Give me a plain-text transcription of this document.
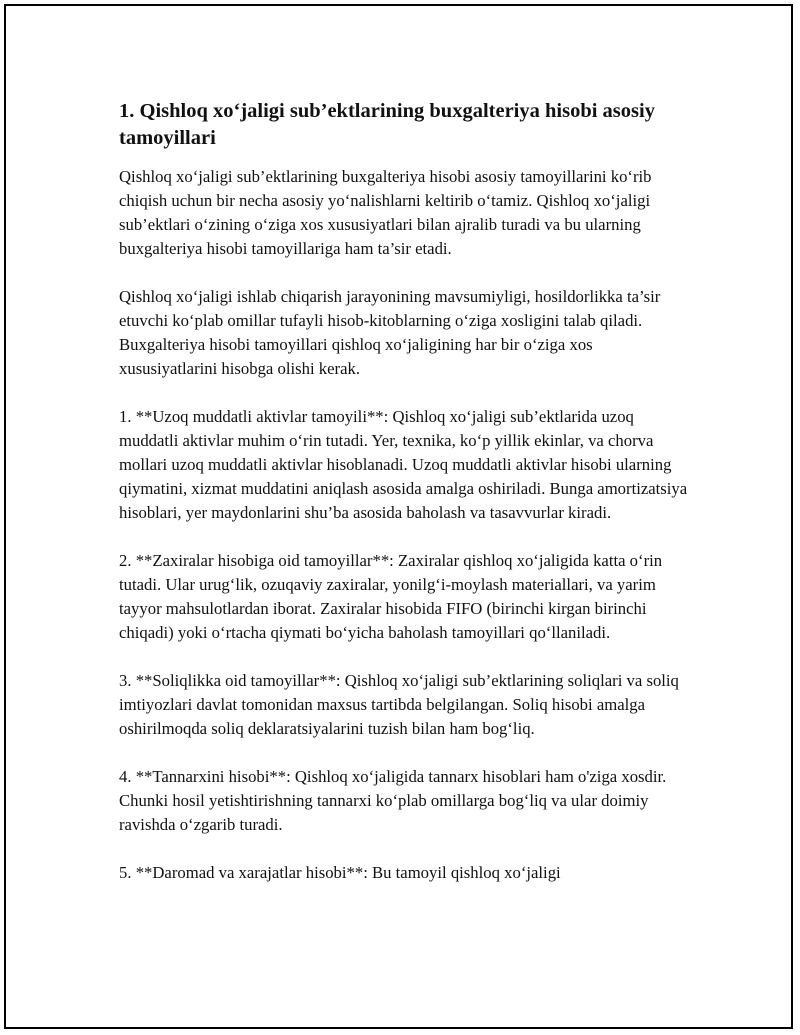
1. Qishloq xo‘jaligi sub’ektlarining buxgalteriya hisobi asosiy tamoyillari

Qishloq xo‘jaligi sub’ektlarining buxgalteriya hisobi asosiy tamoyillarini ko‘rib chiqish uchun bir necha asosiy yo‘nalishlarni keltirib o‘tamiz. Qishloq xo‘jaligi sub’ektlari o‘zining o‘ziga xos xususiyatlari bilan ajralib turadi va bu ularning buxgalteriya hisobi tamoyillariga ham ta’sir etadi.

Qishloq xo‘jaligi ishlab chiqarish jarayonining mavsumiyligi, hosildorlikka ta’sir etuvchi ko‘plab omillar tufayli hisob-kitoblarning o‘ziga xosligini talab qiladi. Buxgalteriya hisobi tamoyillari qishloq xo‘jaligining har bir o‘ziga xos xususiyatlarini hisobga olishi kerak.

1. **Uzoq muddatli aktivlar tamoyili**: Qishloq xo‘jaligi sub’ektlarida uzoq muddatli aktivlar muhim o‘rin tutadi. Yer, texnika, ko‘p yillik ekinlar, va chorva mollari uzoq muddatli aktivlar hisoblanadi. Uzoq muddatli aktivlar hisobi ularning qiymatini, xizmat muddatini aniqlash asosida amalga oshiriladi. Bunga amortizatsiya hisoblari, yer maydonlarini shu’ba asosida baholash va tasavvurlar kiradi.

2. **Zaxiralar hisobiga oid tamoyillar**: Zaxiralar qishloq xo‘jaligida katta o‘rin tutadi. Ular urug‘lik, ozuqaviy zaxiralar, yonilg‘i-moylash materiallari, va yarim tayyor mahsulotlardan iborat. Zaxiralar hisobida FIFO (birinchi kirgan birinchi chiqadi) yoki o‘rtacha qiymati bo‘yicha baholash tamoyillari qo‘llaniladi.

3. **Soliqlikka oid tamoyillar**: Qishloq xo‘jaligi sub’ektlarining soliqlari va soliq imtiyozlari davlat tomonidan maxsus tartibda belgilangan. Soliq hisobi amalga oshirilmoqda soliq deklaratsiyalarini tuzish bilan ham bog‘liq.

4. **Tannarxini hisobi**: Qishloq xo‘jaligida tannarx hisoblari ham o'ziga xosdir. Chunki hosil yetishtirishning tannarxi ko‘plab omillarga bog‘liq va ular doimiy ravishda o‘zgarib turadi.

5. **Daromad va xarajatlar hisobi**: Bu tamoyil qishloq xo‘jaligi
